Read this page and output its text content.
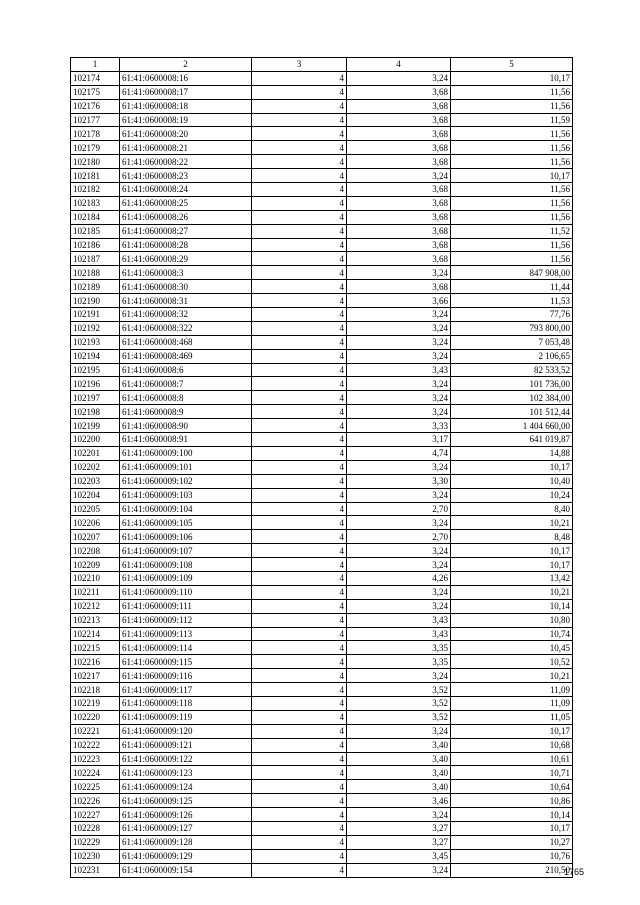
1	2	3	4	5
102174	61:41:0600008:16	4	3,24	10,17
102175	61:41:0600008:17	4	3,68	11,56
102176	61:41:0600008:18	4	3,68	11,56
102177	61:41:0600008:19	4	3,68	11,59
102178	61:41:0600008:20	4	3,68	11,56
102179	61:41:0600008:21	4	3,68	11,56
102180	61:41:0600008:22	4	3,68	11,56
102181	61:41:0600008:23	4	3,24	10,17
102182	61:41:0600008:24	4	3,68	11,56
102183	61:41:0600008:25	4	3,68	11,56
102184	61:41:0600008:26	4	3,68	11,56
102185	61:41:0600008:27	4	3,68	11,52
102186	61:41:0600008:28	4	3,68	11,56
102187	61:41:0600008:29	4	3,68	11,56
102188	61:41:0600008:3	4	3,24	847 908,00
102189	61:41:0600008:30	4	3,68	11,44
102190	61:41:0600008:31	4	3,66	11,53
102191	61:41:0600008:32	4	3,24	77,76
102192	61:41:0600008:322	4	3,24	793 800,00
102193	61:41:0600008:468	4	3,24	7 053,48
102194	61:41:0600008:469	4	3,24	2 106,65
102195	61:41:0600008:6	4	3,43	82 533,52
102196	61:41:0600008:7	4	3,24	101 736,00
102197	61:41:0600008:8	4	3,24	102 384,00
102198	61:41:0600008:9	4	3,24	101 512,44
102199	61:41:0600008:90	4	3,33	1 404 660,00
102200	61:41:0600008:91	4	3,17	641 019,87
102201	61:41:0600009:100	4	4,74	14,88
102202	61:41:0600009:101	4	3,24	10,17
102203	61:41:0600009:102	4	3,30	10,40
102204	61:41:0600009:103	4	3,24	10,24
102205	61:41:0600009:104	4	2,70	8,40
102206	61:41:0600009:105	4	3,24	10,21
102207	61:41:0600009:106	4	2,70	8,48
102208	61:41:0600009:107	4	3,24	10,17
102209	61:41:0600009:108	4	3,24	10,17
102210	61:41:0600009:109	4	4,26	13,42
102211	61:41:0600009:110	4	3,24	10,21
102212	61:41:0600009:111	4	3,24	10,14
102213	61:41:0600009:112	4	3,43	10,80
102214	61:41:0600009:113	4	3,43	10,74
102215	61:41:0600009:114	4	3,35	10,45
102216	61:41:0600009:115	4	3,35	10,52
102217	61:41:0600009:116	4	3,24	10,21
102218	61:41:0600009:117	4	3,52	11,09
102219	61:41:0600009:118	4	3,52	11,09
102220	61:41:0600009:119	4	3,52	11,05
102221	61:41:0600009:120	4	3,24	10,17
102222	61:41:0600009:121	4	3,40	10,68
102223	61:41:0600009:122	4	3,40	10,61
102224	61:41:0600009:123	4	3,40	10,71
102225	61:41:0600009:124	4	3,40	10,64
102226	61:41:0600009:125	4	3,46	10,86
102227	61:41:0600009:126	4	3,24	10,14
102228	61:41:0600009:127	4	3,27	10,17
102229	61:41:0600009:128	4	3,27	10,27
102230	61:41:0600009:129	4	3,45	10,76
102231	61:41:0600009:154	4	3,24	210,50
1765
